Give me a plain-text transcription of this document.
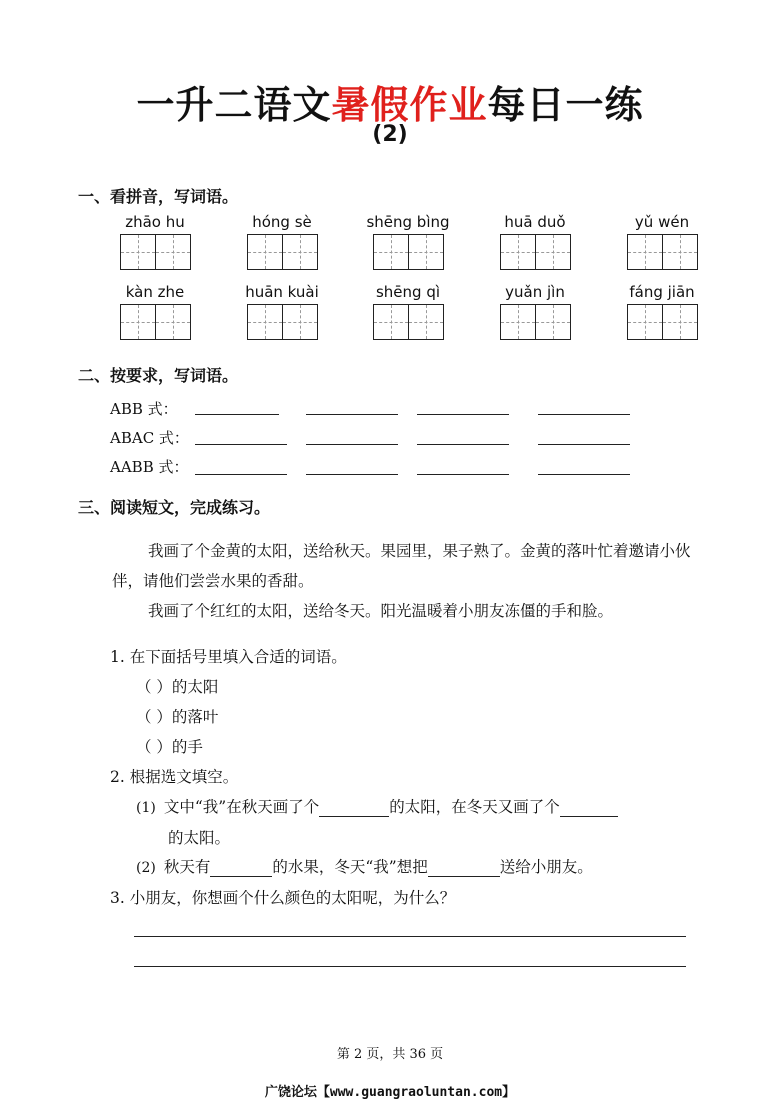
一升二语文暑假作业每日一练
(2)
一、看拼音，写词语。
zhāo hu	hóng sè	shēng bìng	huā duǒ	yǔ wén
kàn zhe	huān kuài	shēng qì	yuǎn jìn	fáng jiān
二、按要求，写词语。
ABB 式：
ABAC 式：
AABB 式：
三、阅读短文，完成练习。
我画了个金黄的太阳，送给秋天。果园里，果子熟了。金黄的落叶忙着邀请小伙伴，请他们尝尝水果的香甜。
我画了个红红的太阳，送给冬天。阳光温暖着小朋友冻僵的手和脸。
1. 在下面括号里填入合适的词语。
（ ）的太阳
（ ）的落叶
（ ）的手
2. 根据选文填空。
(1) 文中“我”在秋天画了个	的太阳，在冬天又画了个
的太阳。
(2) 秋天有	的水果，冬天“我”想把	送给小朋友。
3. 小朋友，你想画个什么颜色的太阳呢，为什么？
第 2 页，共 36 页
广饶论坛【www.guangraoluntan.com】
